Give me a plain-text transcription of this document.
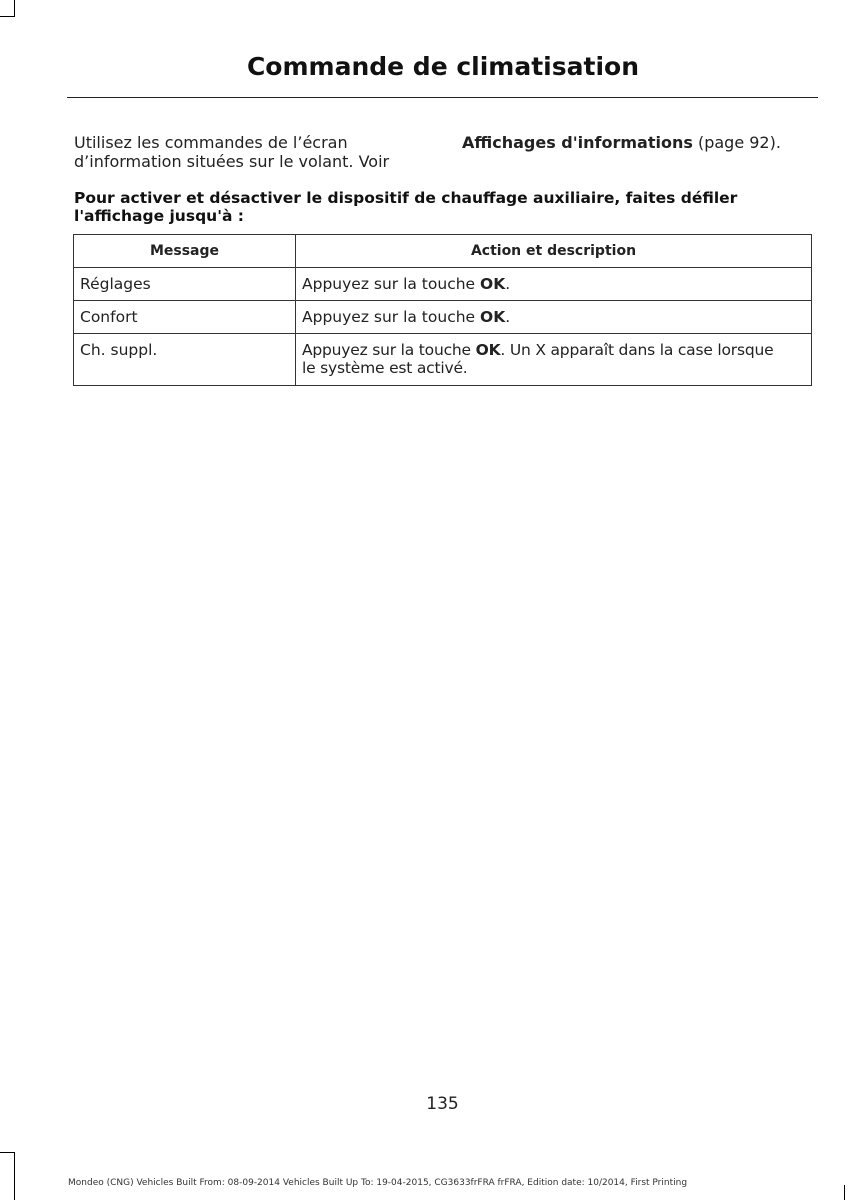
Commande de climatisation

Utilisez les commandes de l’écran
d’information situées sur le volant. Voir

Affichages d'informations (page 92).

Pour activer et désactiver le dispositif de chauffage auxiliaire, faites défiler
l'affichage jusqu'à :
Message	Action et description
Réglages	Appuyez sur la touche OK.
Confort	Appuyez sur la touche OK.
Ch. suppl.	Appuyez sur la touche OK. Un X apparaît dans la case lorsque
le système est activé.
135
Mondeo (CNG) Vehicles Built From: 08-09-2014 Vehicles Built Up To: 19-04-2015, CG3633frFRA frFRA, Edition date: 10/2014, First Printing
